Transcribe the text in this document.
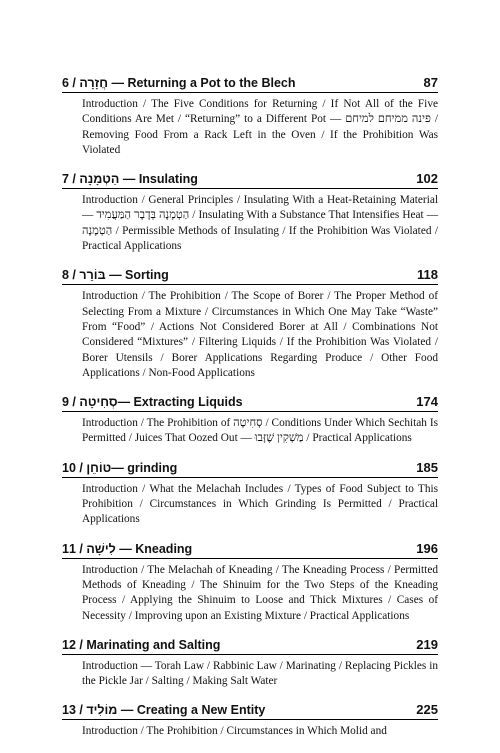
6 / חֲזָרָה — Returning a Pot to the Blech	87
Introduction / The Five Conditions for Returning / If Not All of the Five Conditions Are Met / “Returning” to a Different Pot — פינה ממיחם למיחם / Removing Food From a Rack Left in the Oven / If the Prohibition Was Violated
7 / הַטְמָנָה — Insulating	102
Introduction / General Principles / Insulating With a Heat-Retaining Material — הַטְמָנָה בְּדָבָר הַמַּעֲמִיד / Insulating With a Substance That Intensifies Heat — הַטְמָנָה / Permissible Methods of Insulating / If the Prohibition Was Violated / Practical Applications
8 / בּוֹרֵר — Sorting	118
Introduction / The Prohibition / The Scope of Borer / The Proper Method of Selecting From a Mixture / Circumstances in Which One May Take “Waste” From “Food” / Actions Not Considered Borer at All / Combinations Not Considered “Mixtures” / Filtering Liquids / If the Prohibition Was Violated / Borer Utensils / Borer Applications Regarding Produce / Other Food Applications / Non-Food Applications
9 / סְחִיטָה— Extracting Liquids	174
Introduction / The Prohibition of סְחִיטָה / Conditions Under Which Sechitah Is Permitted / Juices That Oozed Out — מַשְׁקִין שֶׁזָּבוּ / Practical Applications
10 / טוֹחֵן— grinding	185
Introduction / What the Melachah Includes / Types of Food Subject to This Prohibition / Circumstances in Which Grinding Is Permitted / Practical Applications
11 / לִישָׁה — Kneading	196
Introduction / The Melachah of Kneading / The Kneading Process / Permitted Methods of Kneading / The Shinuim for the Two Steps of the Kneading Process / Applying the Shinuim to Loose and Thick Mixtures / Cases of Necessity / Improving upon an Existing Mixture / Practical Applications
12 / Marinating and Salting	219
Introduction — Torah Law / Rabbinic Law / Marinating / Replacing Pickles in the Pickle Jar / Salting / Making Salt Water
13 / מוֹלִיד — Creating a New Entity	225
Introduction / The Prohibition / Circumstances in Which Molid and
